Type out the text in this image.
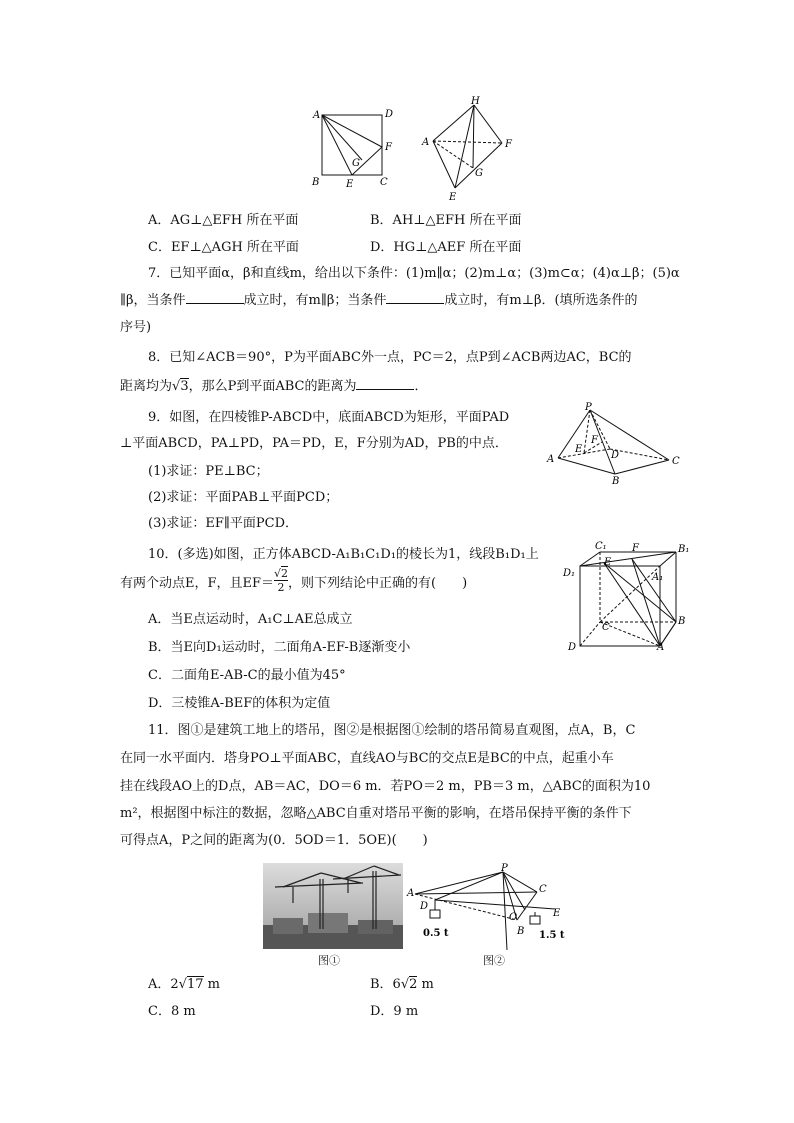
A	D
F
G
B	E	C
H
A	F
G
E
A．AG⊥△EFH 所在平面	B．AH⊥△EFH 所在平面
C．EF⊥△AGH 所在平面	D．HG⊥△AEF 所在平面
7．已知平面α，β和直线m，给出以下条件：(1)m∥α；(2)m⊥α；(3)m⊂α；(4)α⊥β；(5)α
∥β，当条件	成立时，有m∥β；当条件	成立时，有m⊥β．(填所选条件的
序号)
8．已知∠ACB＝90°，P为平面ABC外一点，PC＝2，点P到∠ACB两边AC，BC的
距离均为√3，那么P到平面ABC的距离为	．
9．如图，在四棱锥P-ABCD中，底面ABCD为矩形，平面PAD
⊥平面ABCD，PA⊥PD，PA＝PD，E，F分别为AD，PB的中点．
(1)求证：PE⊥BC；
(2)求证：平面PAB⊥平面PCD；
(3)求证：EF∥平面PCD．
P
A
E
F
D
C
B
10．(多选)如图，正方体ABCD-A₁B₁C₁D₁的棱长为1，线段B₁D₁上
有两个动点E，F，且$EF= \frac{√2}{2}$ ，则下列结论中正确的有(　　)
A．当E点运动时，A₁C⊥AE总成立
B．当E向D₁运动时，二面角A-EF-B逐渐变小
C．二面角E-AB-C的最小值为45°
D．三棱锥A-BEF的体积为定值
C₁	F	B₁
D₁
E
A₁
C
B
D	A
11．图①是建筑工地上的塔吊，图②是根据图①绘制的塔吊简易直观图，点A，B，C
在同一水平面内．塔身PO⊥平面ABC，直线AO与BC的交点E是BC的中点，起重小车
挂在线段AO上的D点，AB＝AC，DO＝6 m．若PO＝2 m，PB＝3 m，△ABC的面积为10
m²，根据图中标注的数据，忽略△ABC自重对塔吊平衡的影响，在塔吊保持平衡的条件下
可得点A，P之间的距离为(0．5OD＝1．5OE)(　　)
图①
P
A
D
C
E
O
B
0.5 t	1.5 t
图②
A．2√17 m	B．6√2 m
C．8 m	D．9 m
